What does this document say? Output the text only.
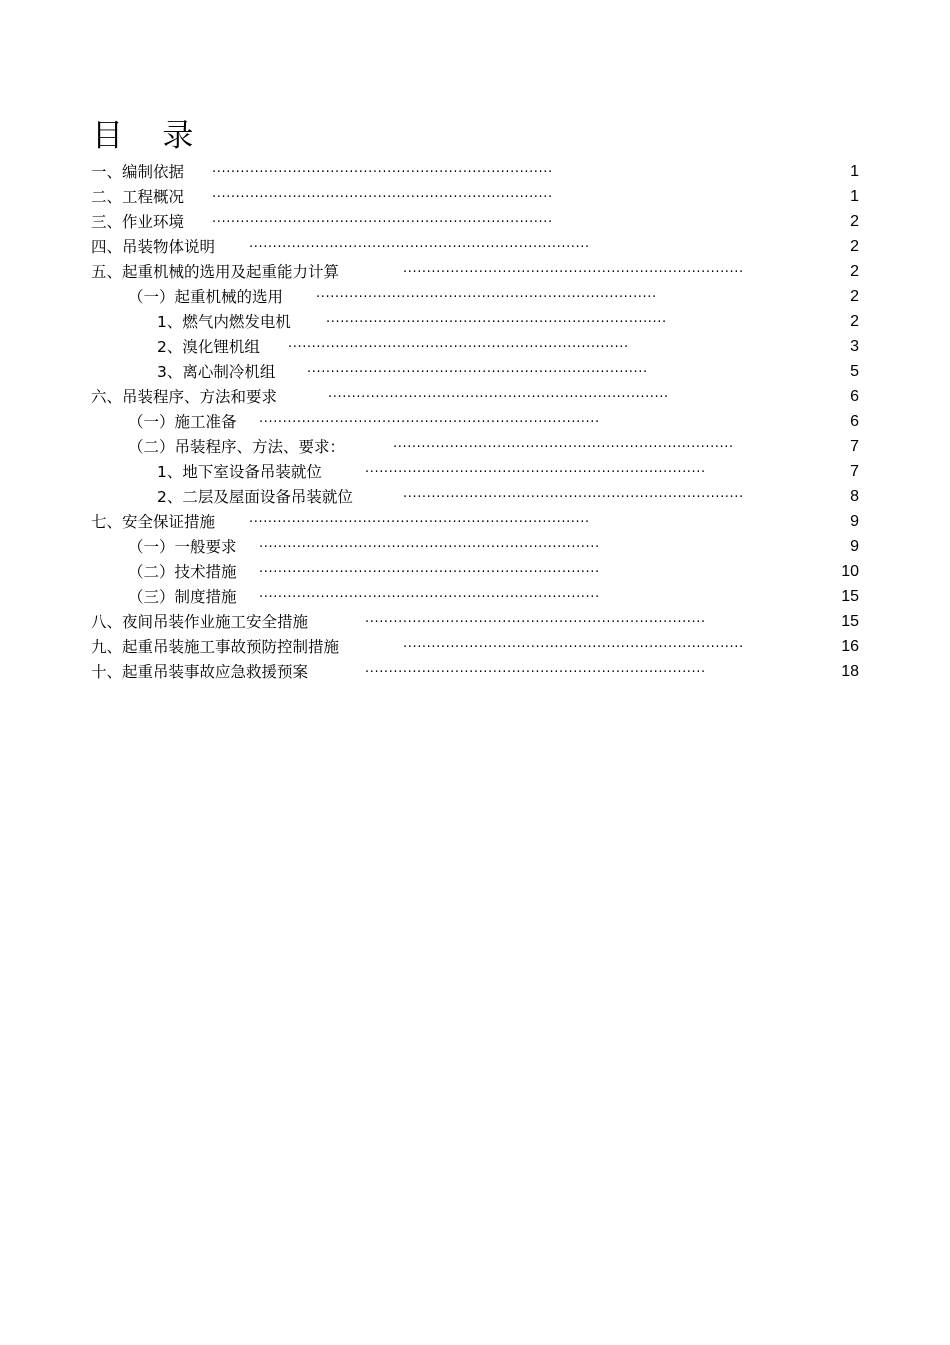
目    录
一、编制依据 ........................................................................	1
二、工程概况 ........................................................................	1
三、作业环境 ........................................................................	2
四、吊装物体说明	........................................................................	2
五、起重机械的选用及起重能力计算	........................................................................	2
（一）起重机械的选用	........................................................................	2
1、燃气内燃发电机	........................................................................	2
2、溴化锂机组 ........................................................................	3
3、离心制冷机组 ........................................................................	5
六、吊装程序、方法和要求	........................................................................	6
（一）施工准备 ........................................................................	6
（二）吊装程序、方法、要求：	........................................................................	7
1、地下室设备吊装就位	........................................................................	7
2、二层及屋面设备吊装就位	........................................................................	8
七、安全保证措施	........................................................................	9
（一）一般要求 ........................................................................	9
（二）技术措施 ........................................................................	10
（三）制度措施 ........................................................................	15
八、夜间吊装作业施工安全措施	........................................................................	15
九、起重吊装施工事故预防控制措施	........................................................................	16
十、起重吊装事故应急救援预案	........................................................................	18
